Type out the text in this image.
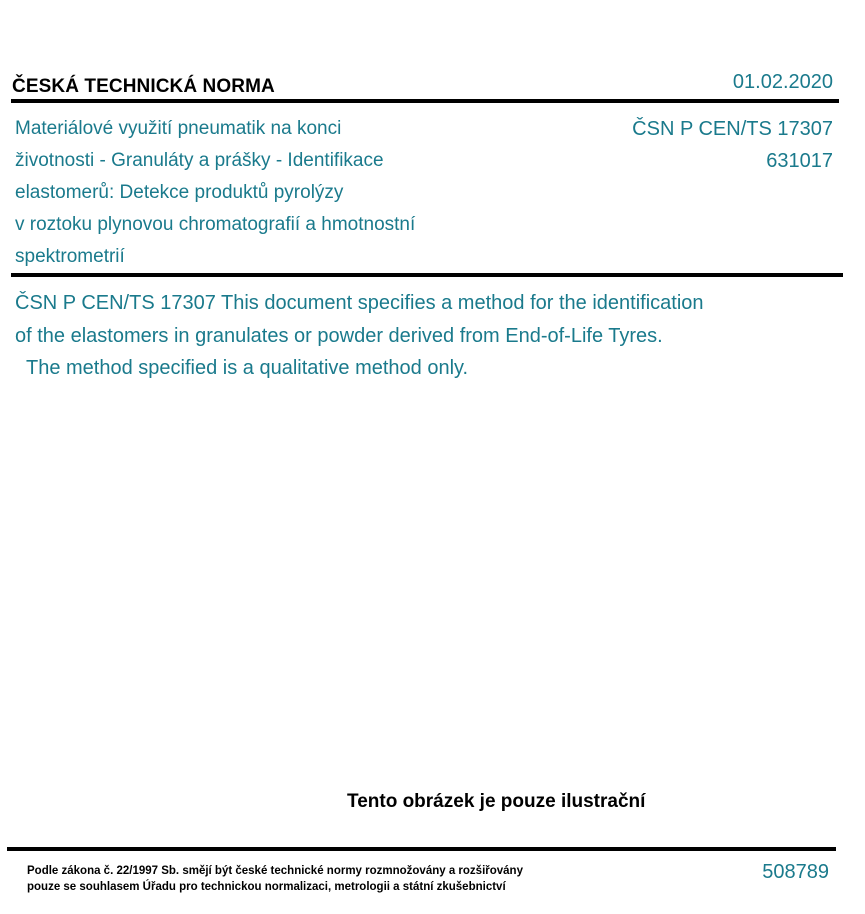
ČESKÁ TECHNICKÁ NORMA	01.02.2020
Materiálové využití pneumatik na konci
životnosti - Granuláty a prášky - Identifikace
elastomerů: Detekce produktů pyrolýzy
v roztoku plynovou chromatografií a hmotnostní
spektrometrií
ČSN P CEN/TS 17307
631017
ČSN P CEN/TS 17307 This document specifies a method for the identification
of the elastomers in granulates or powder derived from End-of-Life Tyres.
The method specified is a qualitative method only.
Tento obrázek je pouze ilustrační
Podle zákona č. 22/1997 Sb. smějí být české technické normy rozmnožovány a rozšiřovány
pouze se souhlasem Úřadu pro technickou normalizaci, metrologii a státní zkušebnictví
508789
